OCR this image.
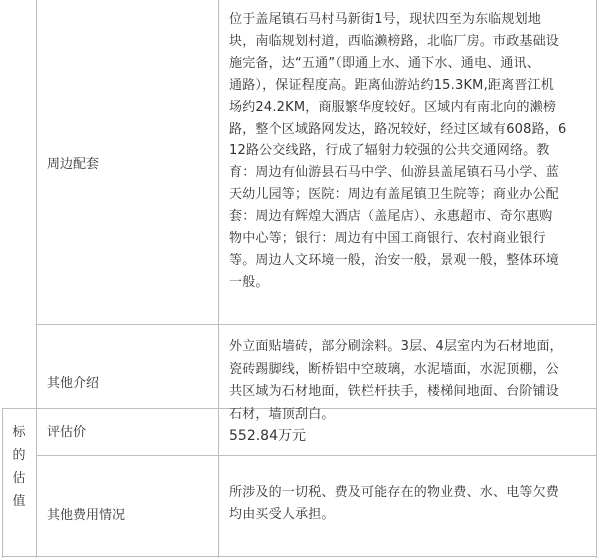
周边配套
位于盖尾镇石马村马新街1号，现状四至为东临规划地
块，南临规划村道，西临濑榜路，北临厂房。市政基础设
施完备，达“五通”（即通上水、通下水、通电、通讯、
通路），保证程度高。距离仙游站约15.3KM,距离晋江机
场约24.2KM，商服繁华度较好。区域内有南北向的濑榜
路，整个区域路网发达，路况较好，经过区域有608路，6
12路公交线路，行成了辐射力较强的公共交通网络。教
育：周边有仙游县石马中学、仙游县盖尾镇石马小学、蓝
天幼儿园等；医院：周边有盖尾镇卫生院等；商业办公配
套：周边有辉煌大酒店（盖尾店）、永惠超市、奇尔惠购
物中心等；银行：周边有中国工商银行、农村商业银行
等。周边人文环境一般，治安一般，景观一般，整体环境
一般。
其他介绍
外立面贴墙砖，部分刷涂料。3层、4层室内为石材地面，
瓷砖踢脚线，断桥铝中空玻璃，水泥墙面，水泥顶棚，公
共区域为石材地面，铁栏杆扶手，楼梯间地面、台阶铺设
石材，墙顶刮白。
标
的
估
值
评估价	552.84万元
其他费用情况
所涉及的一切税、费及可能存在的物业费、水、电等欠费
均由买受人承担。
